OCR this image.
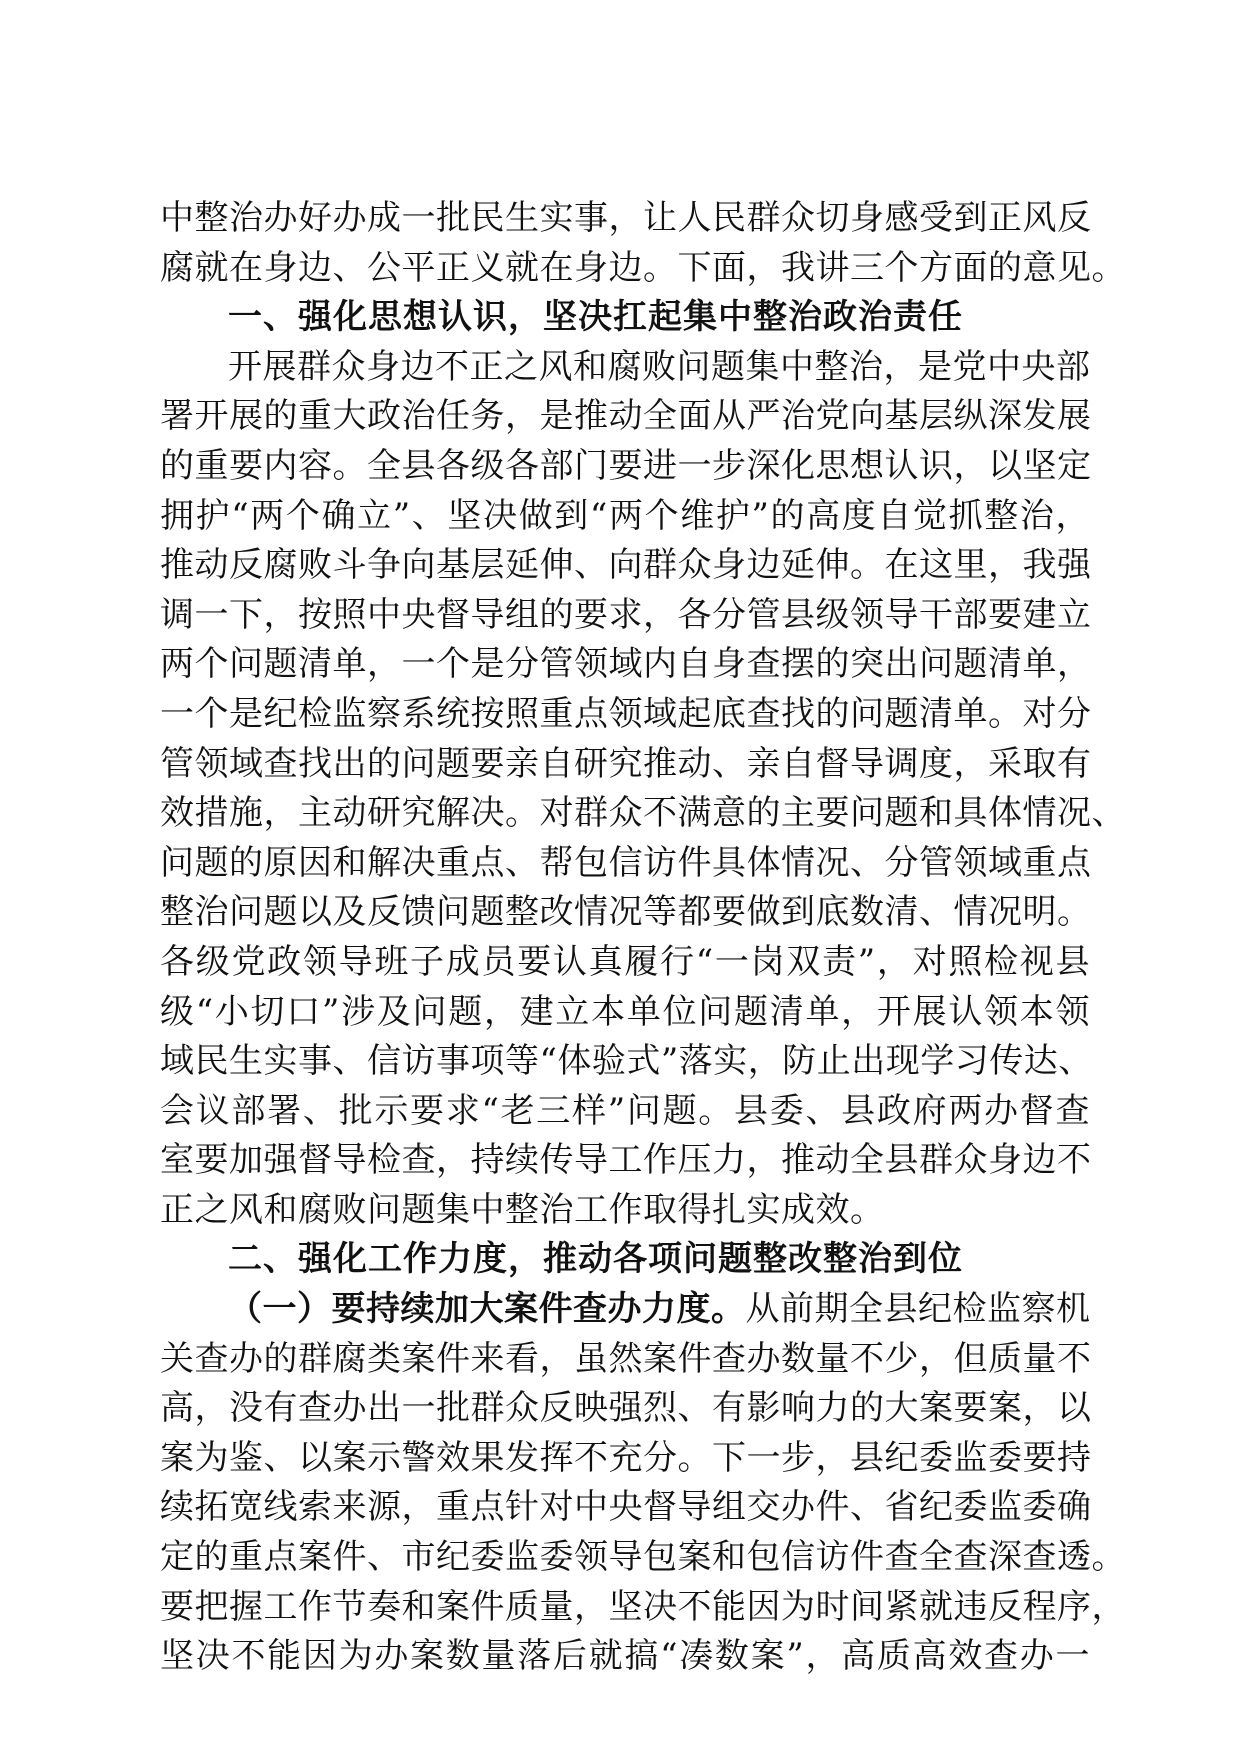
中整治办好办成一批民生实事，让人民群众切身感受到正风反
腐就在身边、公平正义就在身边。下面，我讲三个方面的意见。
一、强化思想认识，坚决扛起集中整治政治责任
开展群众身边不正之风和腐败问题集中整治，是党中央部
署开展的重大政治任务，是推动全面从严治党向基层纵深发展
的重要内容。全县各级各部门要进一步深化思想认识，以坚定
拥护“两个确立”、坚决做到“两个维护”的高度自觉抓整治，
推动反腐败斗争向基层延伸、向群众身边延伸。在这里，我强
调一下，按照中央督导组的要求，各分管县级领导干部要建立
两个问题清单，一个是分管领域内自身查摆的突出问题清单，
一个是纪检监察系统按照重点领域起底查找的问题清单。对分
管领域查找出的问题要亲自研究推动、亲自督导调度，采取有
效措施，主动研究解决。对群众不满意的主要问题和具体情况、
问题的原因和解决重点、帮包信访件具体情况、分管领域重点
整治问题以及反馈问题整改情况等都要做到底数清、情况明。
各级党政领导班子成员要认真履行“一岗双责”，对照检视县
级“小切口”涉及问题，建立本单位问题清单，开展认领本领
域民生实事、信访事项等“体验式”落实，防止出现学习传达、
会议部署、批示要求“老三样”问题。县委、县政府两办督查
室要加强督导检查，持续传导工作压力，推动全县群众身边不
正之风和腐败问题集中整治工作取得扎实成效。
二、强化工作力度，推动各项问题整改整治到位
（一）要持续加大案件查办力度。从前期全县纪检监察机
关查办的群腐类案件来看，虽然案件查办数量不少，但质量不
高，没有查办出一批群众反映强烈、有影响力的大案要案，以
案为鉴、以案示警效果发挥不充分。下一步，县纪委监委要持
续拓宽线索来源，重点针对中央督导组交办件、省纪委监委确
定的重点案件、市纪委监委领导包案和包信访件查全查深查透。
要把握工作节奏和案件质量，坚决不能因为时间紧就违反程序，
坚决不能因为办案数量落后就搞“凑数案”，高质高效查办一
